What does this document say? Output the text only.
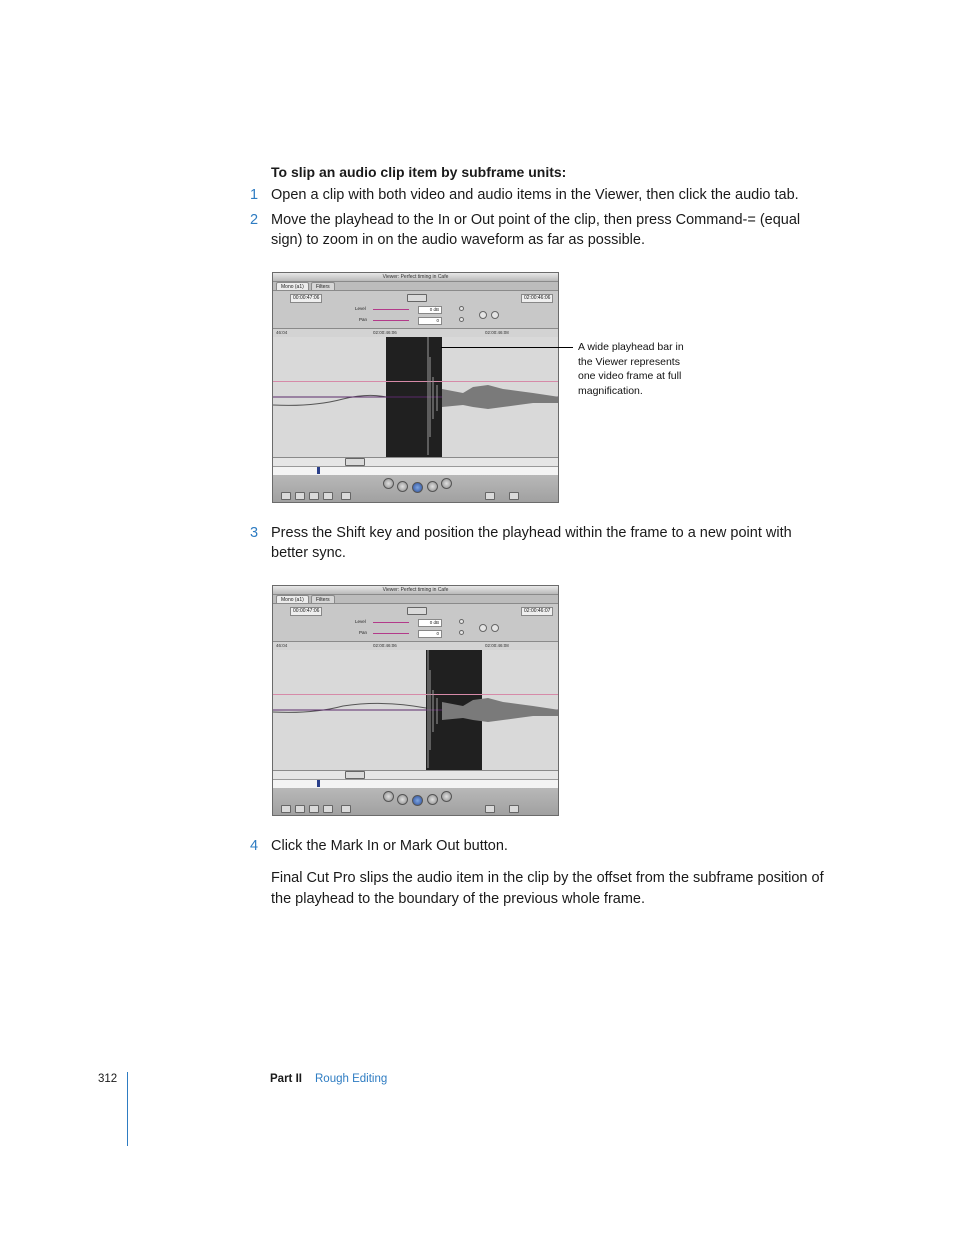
To slip an audio clip item by subframe units:
1 Open a clip with both video and audio items in the Viewer, then click the audio tab.
2 Move the playhead to the In or Out point of the clip, then press Command-= (equal sign) to zoom in on the audio waveform as far as possible.
Viewer: Perfect timing in Cafe
Mono (a1)	Filters
00:00:47:06	02:00:46:06
Level	0 dB
Pan	0
46:04	02:00:46:06	02:00:46:08
A wide playhead bar in the Viewer represents one video frame at full magnification.
3 Press the Shift key and position the playhead within the frame to a new point with better sync.
Viewer: Perfect timing in Cafe
Mono (a1)	Filters
00:00:47:06	02:00:46:07
Level	0 dB
Pan	0
46:04	02:00:46:06	02:00:46:08
4 Click the Mark In or Mark Out button.
Final Cut Pro slips the audio item in the clip by the offset from the subframe position of the playhead to the boundary of the previous whole frame.
312	Part II Rough Editing
